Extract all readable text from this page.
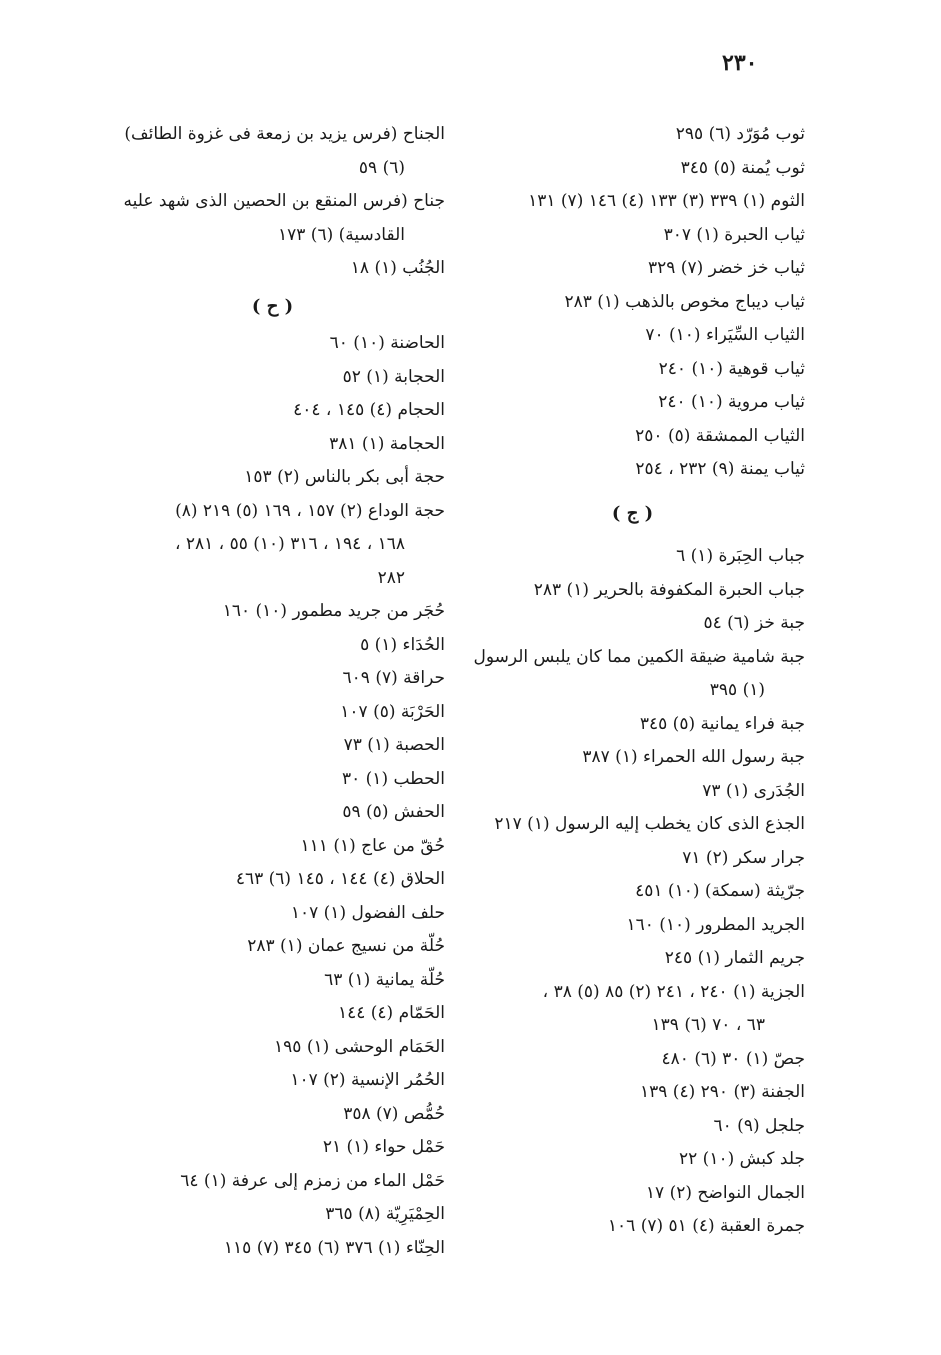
٢٣٠
ثوب مُوَرّد (٦) ٢٩٥
ثوب يُمنة (٥) ٣٤٥
الثوم (١) ٣٣٩ (٣) ١٣٣ (٤) ١٤٦ (٧) ١٣١
ثياب الحبرة (١) ٣٠٧
ثياب خز خضر (٧) ٣٢٩
ثياب ديباج مخوص بالذهب (١) ٢٨٣
الثياب السِّيَراء (١٠) ٧٠
ثياب قوهية (١٠) ٢٤٠
ثياب مروية (١٠) ٢٤٠
الثياب الممشقة (٥) ٢٥٠
ثياب يمنة (٩) ٢٣٢ ، ٢٥٤
( ج )
جباب الحِبَرة (١) ٦
جباب الحبرة المكفوفة بالحرير (١) ٢٨٣
جبة خز (٦) ٥٤
جبة شامية ضيقة الكمين مما كان يلبس الرسول
(١) ٣٩٥
جبة فراء يمانية (٥) ٣٤٥
جبة رسول الله الحمراء (١) ٣٨٧
الجُدَرى (١) ٧٣
الجذع الذى كان يخطب إليه الرسول (١) ٢١٧
جرار سكر (٢) ٧١
جرّيثة (سمكة) (١٠) ٤٥١
الجريد المطرور (١٠) ١٦٠
جريم الثمار (١) ٢٤٥
الجزية (١) ٢٤٠ ، ٢٤١ (٢) ٨٥ (٥) ٣٨ ،
٦٣ ، ٧٠ (٦) ١٣٩
جصّ (١) ٣٠ (٦) ٤٨٠
الجفنة (٣) ٢٩٠ (٤) ١٣٩
جلجل (٩) ٦٠
جلد كبش (١٠) ٢٢
الجمال النواضح (٢) ١٧
جمرة العقبة (٤) ٥١ (٧) ١٠٦
الجناح (فرس يزيد بن زمعة فى غزوة الطائف)
(٦) ٥٩
جناح (فرس المنقع بن الحصين الذى شهد عليه
القادسية) (٦) ١٧٣
الجُنُب (١) ١٨
( ح )
الحاضنة (١٠) ٦٠
الحجابة (١) ٥٢
الحجام (٤) ١٤٥ ، ٤٠٤
الحجامة (١) ٣٨١
حجة أبى بكر بالناس (٢) ١٥٣
حجة الوداع (٢) ١٥٧ ، ١٦٩ (٥) ٢١٩ (٨)
١٦٨ ، ١٩٤ ، ٣١٦ (١٠) ٥٥ ، ٢٨١ ،
٢٨٢
حُجَر من جريد مطمور (١٠) ١٦٠
الحُدَاء (١) ٥
حراقة (٧) ٦٠٩
الحَرْبَة (٥) ١٠٧
الحصبة (١) ٧٣
الحطب (١) ٣٠
الحفش (٥) ٥٩
حُقّ من عاج (١) ١١١
الحلاق (٤) ١٤٤ ، ١٤٥ (٦) ٤٦٣
حلف الفضول (١) ١٠٧
حُلّة من نسيج عمان (١) ٢٨٣
حُلّة يمانية (١) ٦٣
الحَمّام (٤) ١٤٤
الحَمَام الوحشى (١) ١٩٥
الحُمُر الإنسية (٢) ١٠٧
حُمُّص (٧) ٣٥٨
حَمْل حواء (١) ٢١
حَمْل الماء من زمزم إلى عرفة (١) ٦٤
الحِمْيَرِيّة (٨) ٣٦٥
الحِنّاء (١) ٣٧٦ (٦) ٣٤٥ (٧) ١١٥
